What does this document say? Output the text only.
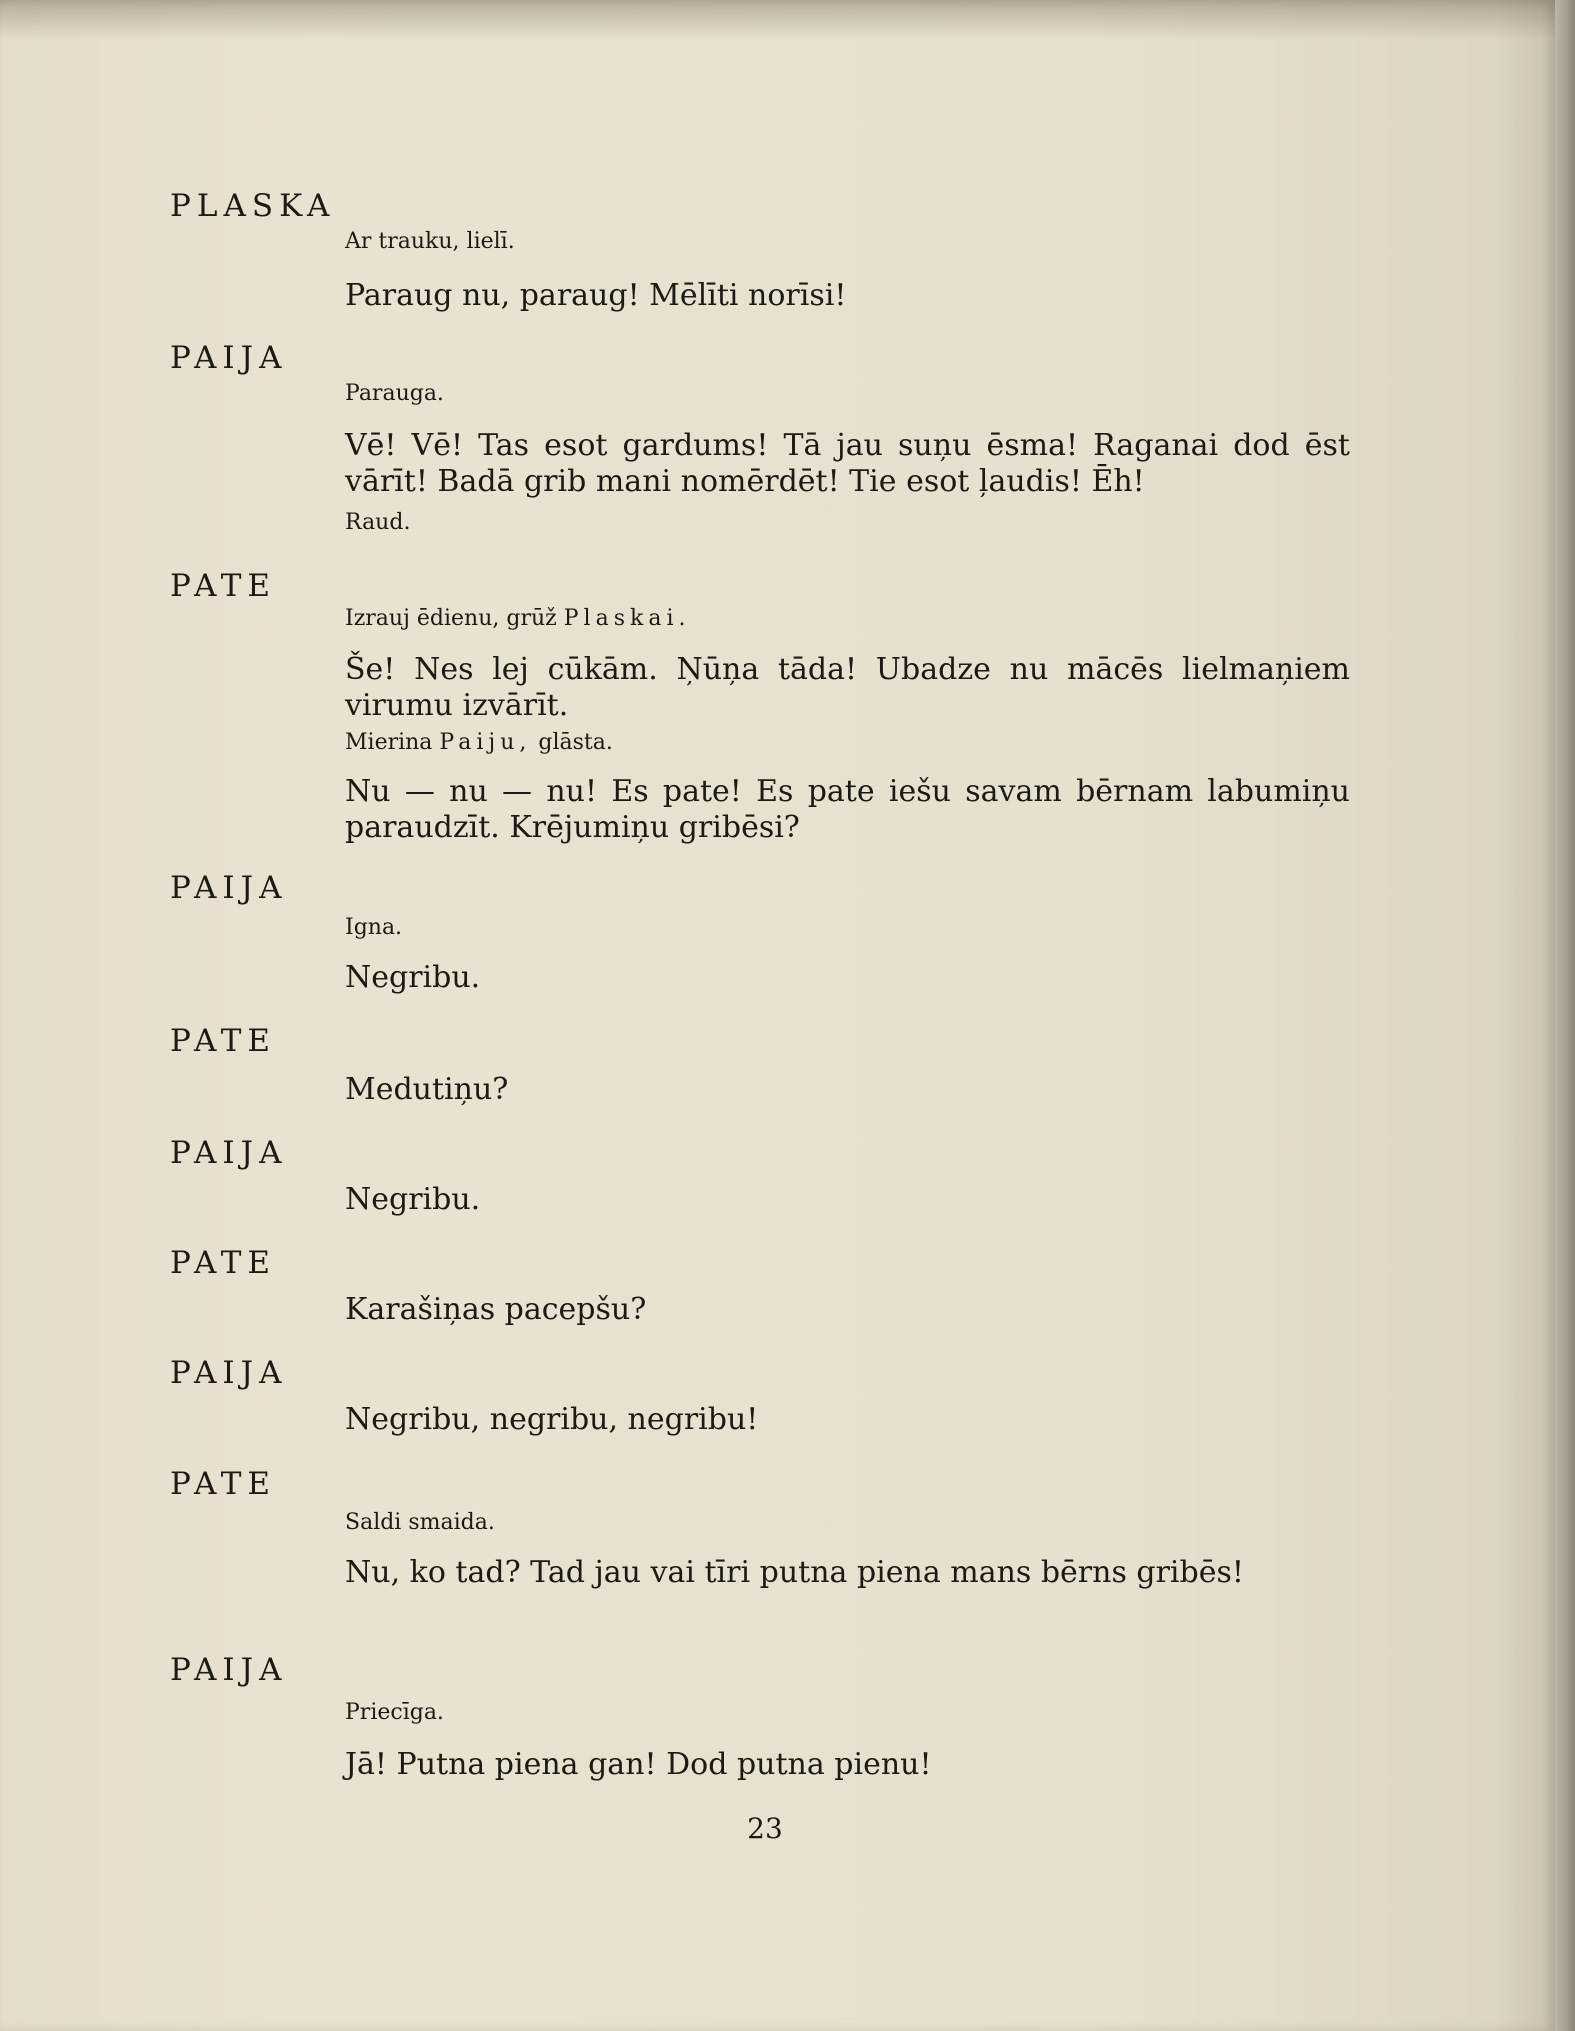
PLASKA
Ar trauku, lielī.
Paraug nu, paraug! Mēlīti norīsi!
PAIJA
Parauga.
Vē! Vē! Tas esot gardums! Tā jau suņu ēsma! Raganai dod ēst vārīt! Badā grib mani nomērdēt! Tie esot ļaudis! Ēh!
Raud.
PATE
Izrauj ēdienu, grūž Plaskai.
Še! Nes lej cūkām. Ņūņa tāda! Ubadze nu mācēs lielmaņiem virumu izvārīt.
Mierina Paiju, glāsta.
Nu — nu — nu! Es pate! Es pate iešu savam bērnam labumiņu paraudzīt. Krējumiņu gribēsi?
PAIJA
Igna.
Negribu.
PATE
Medutiņu?
PAIJA
Negribu.
PATE
Karašiņas pacepšu?
PAIJA
Negribu, negribu, negribu!
PATE
Saldi smaida.
Nu, ko tad? Tad jau vai tīri putna piena mans bērns gribēs!
PAIJA
Priecīga.
Jā! Putna piena gan! Dod putna pienu!
23
